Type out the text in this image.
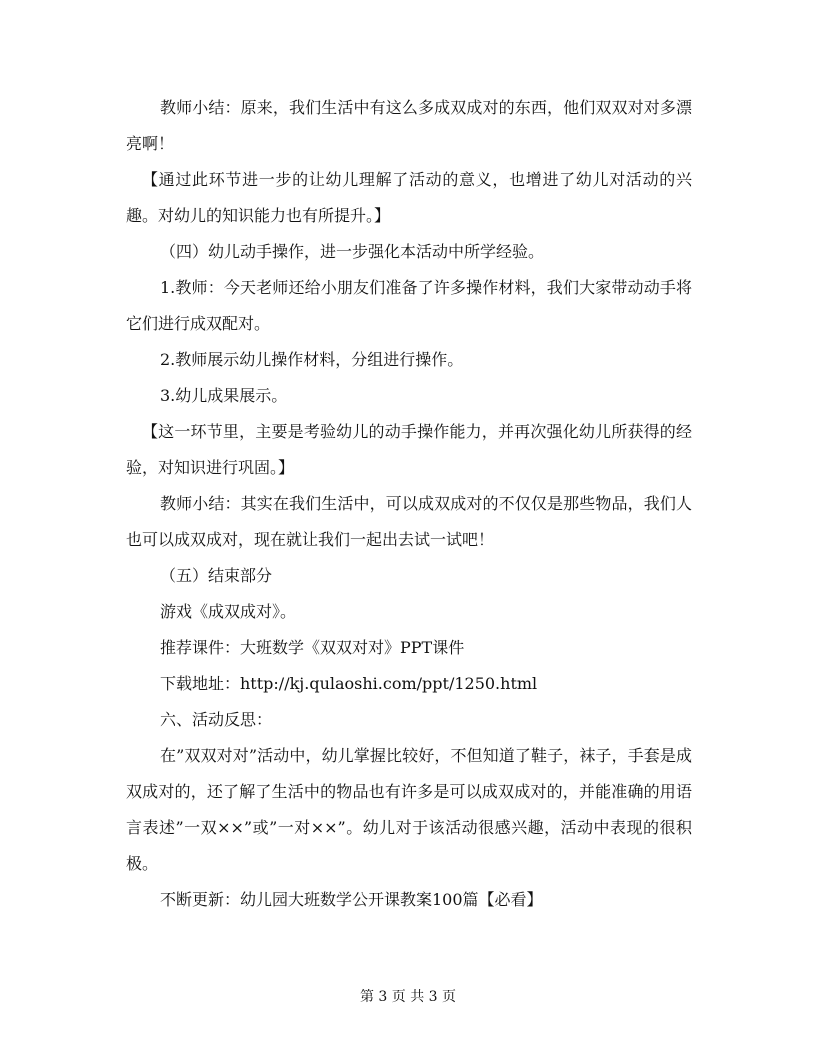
教师小结：原来，我们生活中有这么多成双成对的东西，他们双双对对多漂亮啊！

【通过此环节进一步的让幼儿理解了活动的意义，也增进了幼儿对活动的兴趣。对幼儿的知识能力也有所提升。】

（四）幼儿动手操作，进一步强化本活动中所学经验。

1.教师：今天老师还给小朋友们准备了许多操作材料，我们大家带动动手将它们进行成双配对。

2.教师展示幼儿操作材料，分组进行操作。

3.幼儿成果展示。

【这一环节里，主要是考验幼儿的动手操作能力，并再次强化幼儿所获得的经验，对知识进行巩固。】

教师小结：其实在我们生活中，可以成双成对的不仅仅是那些物品，我们人也可以成双成对，现在就让我们一起出去试一试吧！

（五）结束部分

游戏《成双成对》。

推荐课件：大班数学《双双对对》PPT课件

下载地址：http://kj.qulaoshi.com/ppt/1250.html

六、活动反思：

在”双双对对”活动中，幼儿掌握比较好，不但知道了鞋子，袜子，手套是成双成对的，还了解了生活中的物品也有许多是可以成双成对的，并能准确的用语言表述”一双××”或”一对××”。幼儿对于该活动很感兴趣，活动中表现的很积极。

不断更新：幼儿园大班数学公开课教案100篇【必看】

第 3 页 共 3 页
